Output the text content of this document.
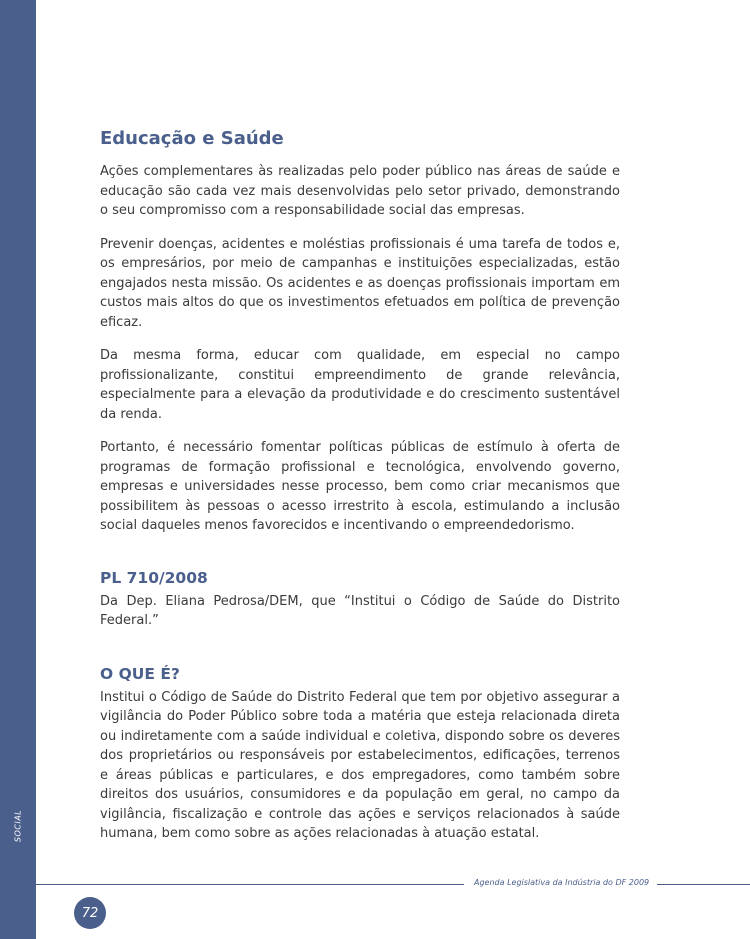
SOCIAL
Educação e Saúde

Ações complementares às realizadas pelo poder público nas áreas de saúde e educação são cada vez mais desenvolvidas pelo setor privado, demonstrando o seu compromisso com a responsabilidade social das empresas.

Prevenir doenças, acidentes e moléstias profissionais é uma tarefa de todos e, os empresários, por meio de campanhas e instituições especializadas, estão engajados nesta missão. Os acidentes e as doenças profissionais importam em custos mais altos do que os investimentos efetuados em política de prevenção eficaz.

Da mesma forma, educar com qualidade, em especial no campo profissionalizante, constitui empreendimento de grande relevância, especialmente para a elevação da produtividade e do crescimento sustentável da renda.

Portanto, é necessário fomentar políticas públicas de estímulo à oferta de programas de formação profissional e tecnológica, envolvendo governo, empresas e universidades nesse processo, bem como criar mecanismos que possibilitem às pessoas o acesso irrestrito à escola, estimulando a inclusão social daqueles menos favorecidos e incentivando o empreendedorismo.

PL 710/2008

Da Dep. Eliana Pedrosa/DEM, que “Institui o Código de Saúde do Distrito Federal.”

O QUE É?

Institui o Código de Saúde do Distrito Federal que tem por objetivo assegurar a vigilância do Poder Público sobre toda a matéria que esteja relacionada direta ou indiretamente com a saúde individual e coletiva, dispondo sobre os deveres dos proprietários ou responsáveis por estabelecimentos, edificações, terrenos e áreas públicas e particulares, e dos empregadores, como também sobre direitos dos usuários, consumidores e da população em geral, no campo da vigilância, fiscalização e controle das ações e serviços relacionados à saúde humana, bem como sobre as ações relacionadas à atuação estatal.

Agenda Legislativa da Indústria do DF 2009
72
